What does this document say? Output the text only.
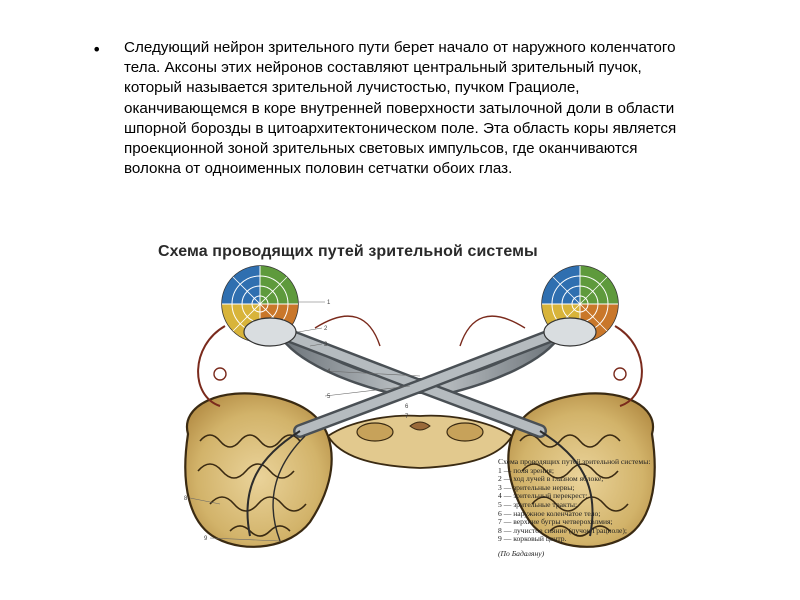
• Следующий нейрон зрительного пути берет начало от наружного коленчатого тела. Аксоны этих нейронов составляют центральный зрительный пучок, который называется зрительной лучистостью, пучком Грациоле, оканчивающемся в коре внутренней поверхности затылочной доли в области шпорной борозды в цитоархитектоническом поле. Эта область коры является проекционной зоной зрительных световых импульсов, где оканчиваются волокна от одноименных половин сетчатки обоих глаз.
1
2
3
4
5
6
7
8
9
Схема проводящих путей зрительной системы
Схема проводящих путей зрительной системы:
1 — поля зрения;
2 — ход лучей в глазном яблоке;
3 — зрительные нервы;
4 — зрительный перекрест;
5 — зрительные тракты;
6 — наружное коленчатое тело;
7 — верхние бугры четверохолмия;
8 — лучистое сияние (пучок Грациоле);
9 — корковый центр.
(По Бадаляну)
